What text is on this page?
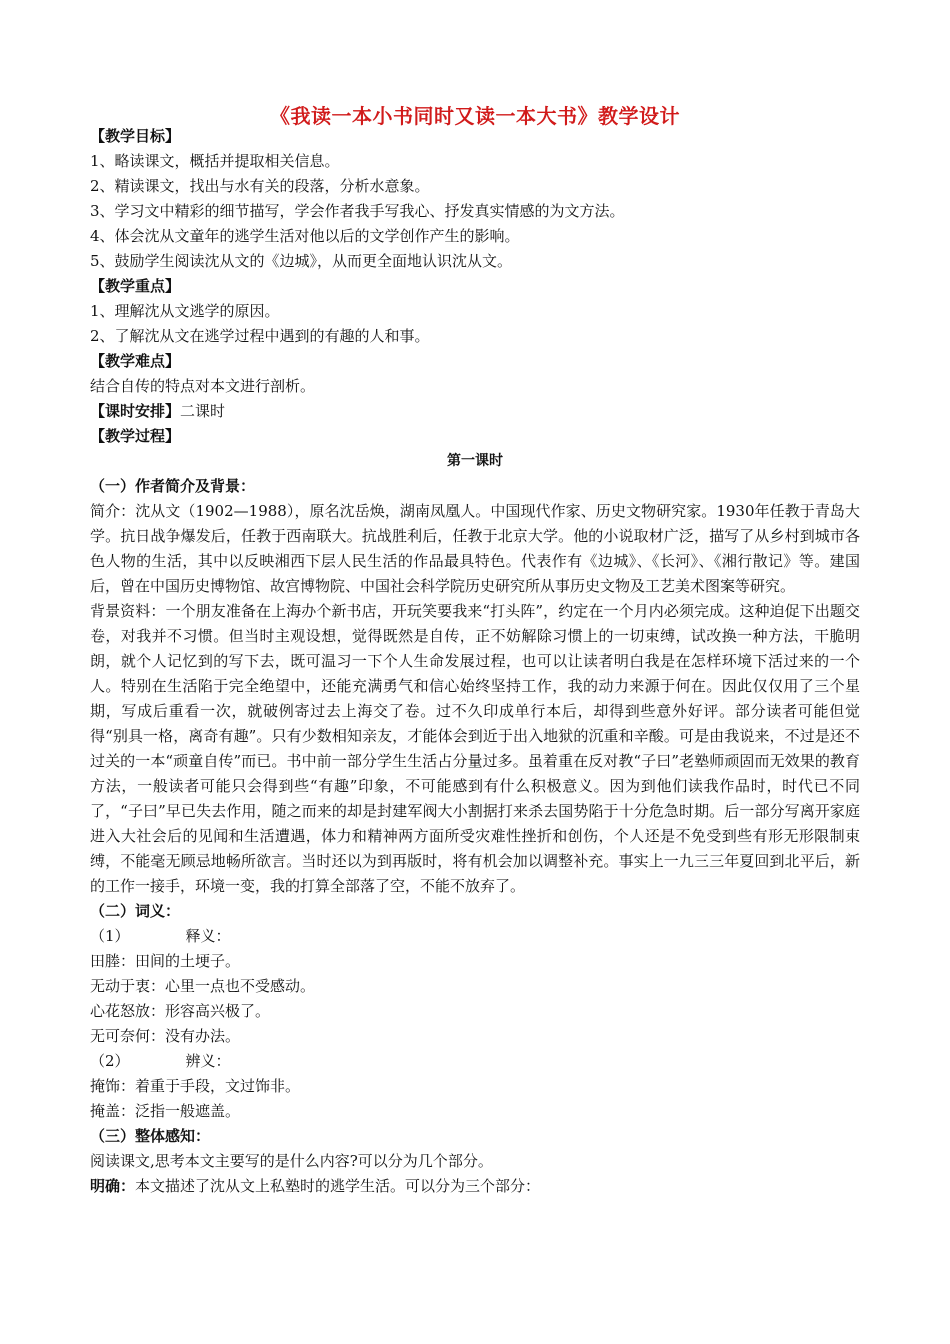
《我读一本小书同时又读一本大书》教学设计
【教学目标】
1、略读课文，概括并提取相关信息。
2、精读课文，找出与水有关的段落，分析水意象。
3、学习文中精彩的细节描写，学会作者我手写我心、抒发真实情感的为文方法。
4、体会沈从文童年的逃学生活对他以后的文学创作产生的影响。
5、鼓励学生阅读沈从文的《边城》，从而更全面地认识沈从文。
【教学重点】
1、理解沈从文逃学的原因。
2、了解沈从文在逃学过程中遇到的有趣的人和事。
【教学难点】
结合自传的特点对本文进行剖析。
【课时安排】二课时
【教学过程】
第一课时
（一）作者简介及背景：
简介：沈从文（1902—1988），原名沈岳焕，湖南凤凰人。中国现代作家、历史文物研究家。1930年任教于青岛大学。抗日战争爆发后，任教于西南联大。抗战胜利后，任教于北京大学。他的小说取材广泛，描写了从乡村到城市各色人物的生活，其中以反映湘西下层人民生活的作品最具特色。代表作有《边城》、《长河》、《湘行散记》等。建国后，曾在中国历史博物馆、故宫博物院、中国社会科学院历史研究所从事历史文物及工艺美术图案等研究。
背景资料：一个朋友准备在上海办个新书店，开玩笑要我来“打头阵”，约定在一个月内必须完成。这种迫促下出题交卷，对我并不习惯。但当时主观设想，觉得既然是自传，正不妨解除习惯上的一切束缚，试改换一种方法，干脆明朗，就个人记忆到的写下去，既可温习一下个人生命发展过程，也可以让读者明白我是在怎样环境下活过来的一个人。特别在生活陷于完全绝望中，还能充满勇气和信心始终坚持工作，我的动力来源于何在。因此仅仅用了三个星期，写成后重看一次，就破例寄过去上海交了卷。过不久印成单行本后，却得到些意外好评。部分读者可能但觉得“别具一格，离奇有趣”。只有少数相知亲友，才能体会到近于出入地狱的沉重和辛酸。可是由我说来，不过是还不过关的一本“顽童自传”而已。书中前一部分学生生活占分量过多。虽着重在反对教“子曰”老塾师顽固而无效果的教育方法，一般读者可能只会得到些“有趣”印象，不可能感到有什么积极意义。因为到他们读我作品时，时代已不同了，“子曰”早已失去作用，随之而来的却是封建军阀大小割据打来杀去国势陷于十分危急时期。后一部分写离开家庭进入大社会后的见闻和生活遭遇，体力和精神两方面所受灾难性挫折和创伤，个人还是不免受到些有形无形限制束缚，不能毫无顾忌地畅所欲言。当时还以为到再版时，将有机会加以调整补充。事实上一九三三年夏回到北平后，新的工作一接手，环境一变，我的打算全部落了空，不能不放弃了。
（二）词义：
（1）	释义：
田塍：田间的土埂子。
无动于衷：心里一点也不受感动。
心花怒放：形容高兴极了。
无可奈何：没有办法。
（2）	辨义：
掩饰：着重于手段，文过饰非。
掩盖：泛指一般遮盖。
（三）整体感知：
阅读课文,思考本文主要写的是什么内容?可以分为几个部分。
明确：本文描述了沈从文上私塾时的逃学生活。可以分为三个部分：
